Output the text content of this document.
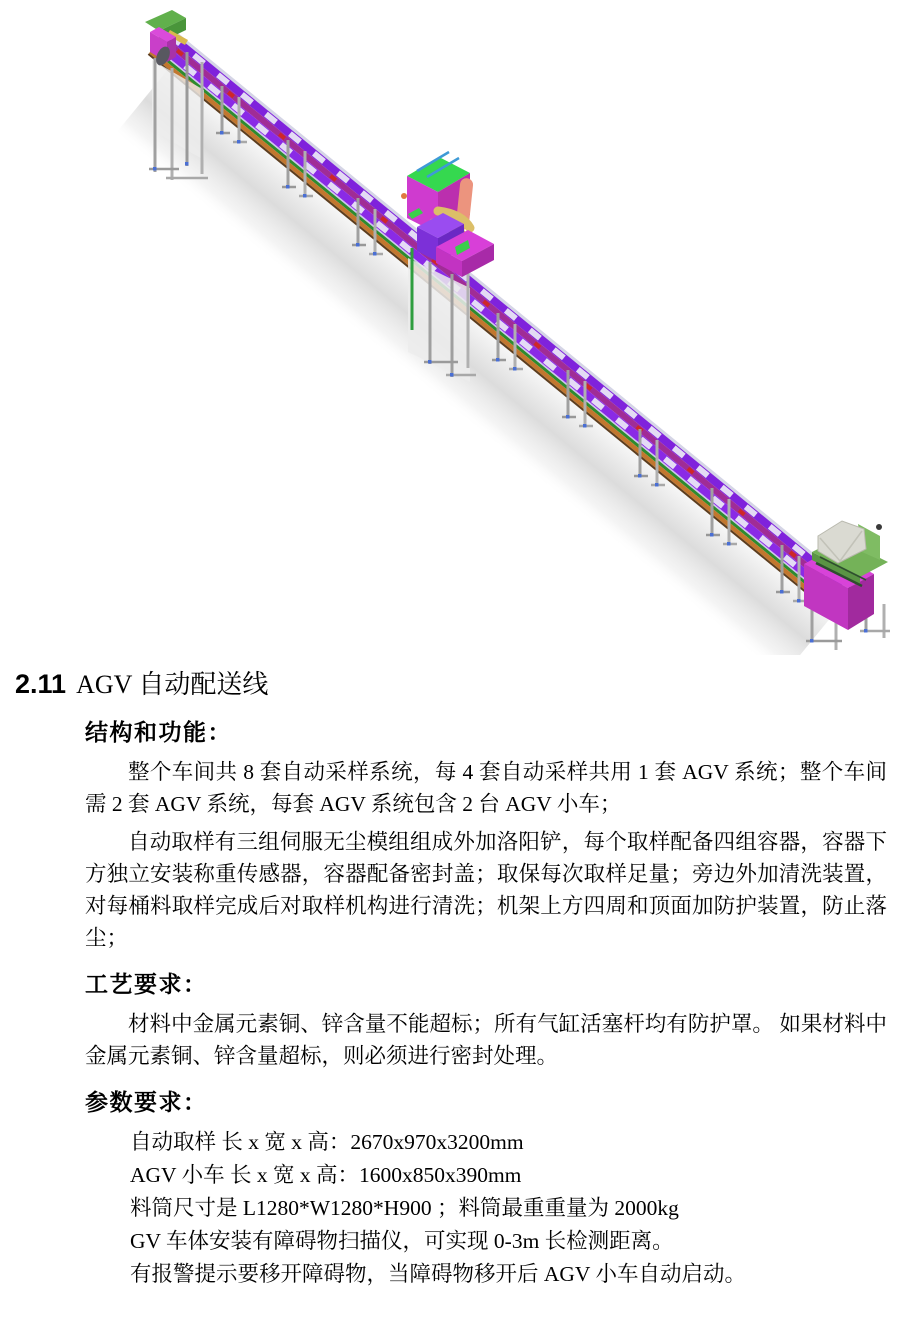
2.11 AGV 自动配送线
结构和功能：

整个车间共 8 套自动采样系统，每 4 套自动采样共用 1 套 AGV 系统；整个车间需 2 套 AGV 系统，每套 AGV 系统包含 2 台 AGV 小车；

自动取样有三组伺服无尘模组组成外加洛阳铲，每个取样配备四组容器，容器下方独立安装称重传感器，容器配备密封盖；取保每次取样足量；旁边外加清洗装置，对每桶料取样完成后对取样机构进行清洗；机架上方四周和顶面加防护装置，防止落尘；

工艺要求：

材料中金属元素铜、锌含量不能超标；所有气缸活塞杆均有防护罩。 如果材料中金属元素铜、锌含量超标，则必须进行密封处理。

参数要求：

自动取样 长 x 宽 x 高：2670x970x3200mm

AGV 小车 长 x 宽 x 高：1600x850x390mm

料筒尺寸是 L1280*W1280*H900 ；料筒最重重量为 2000kg

GV 车体安装有障碍物扫描仪，可实现 0-3m 长检测距离。

有报警提示要移开障碍物，当障碍物移开后 AGV 小车自动启动。
